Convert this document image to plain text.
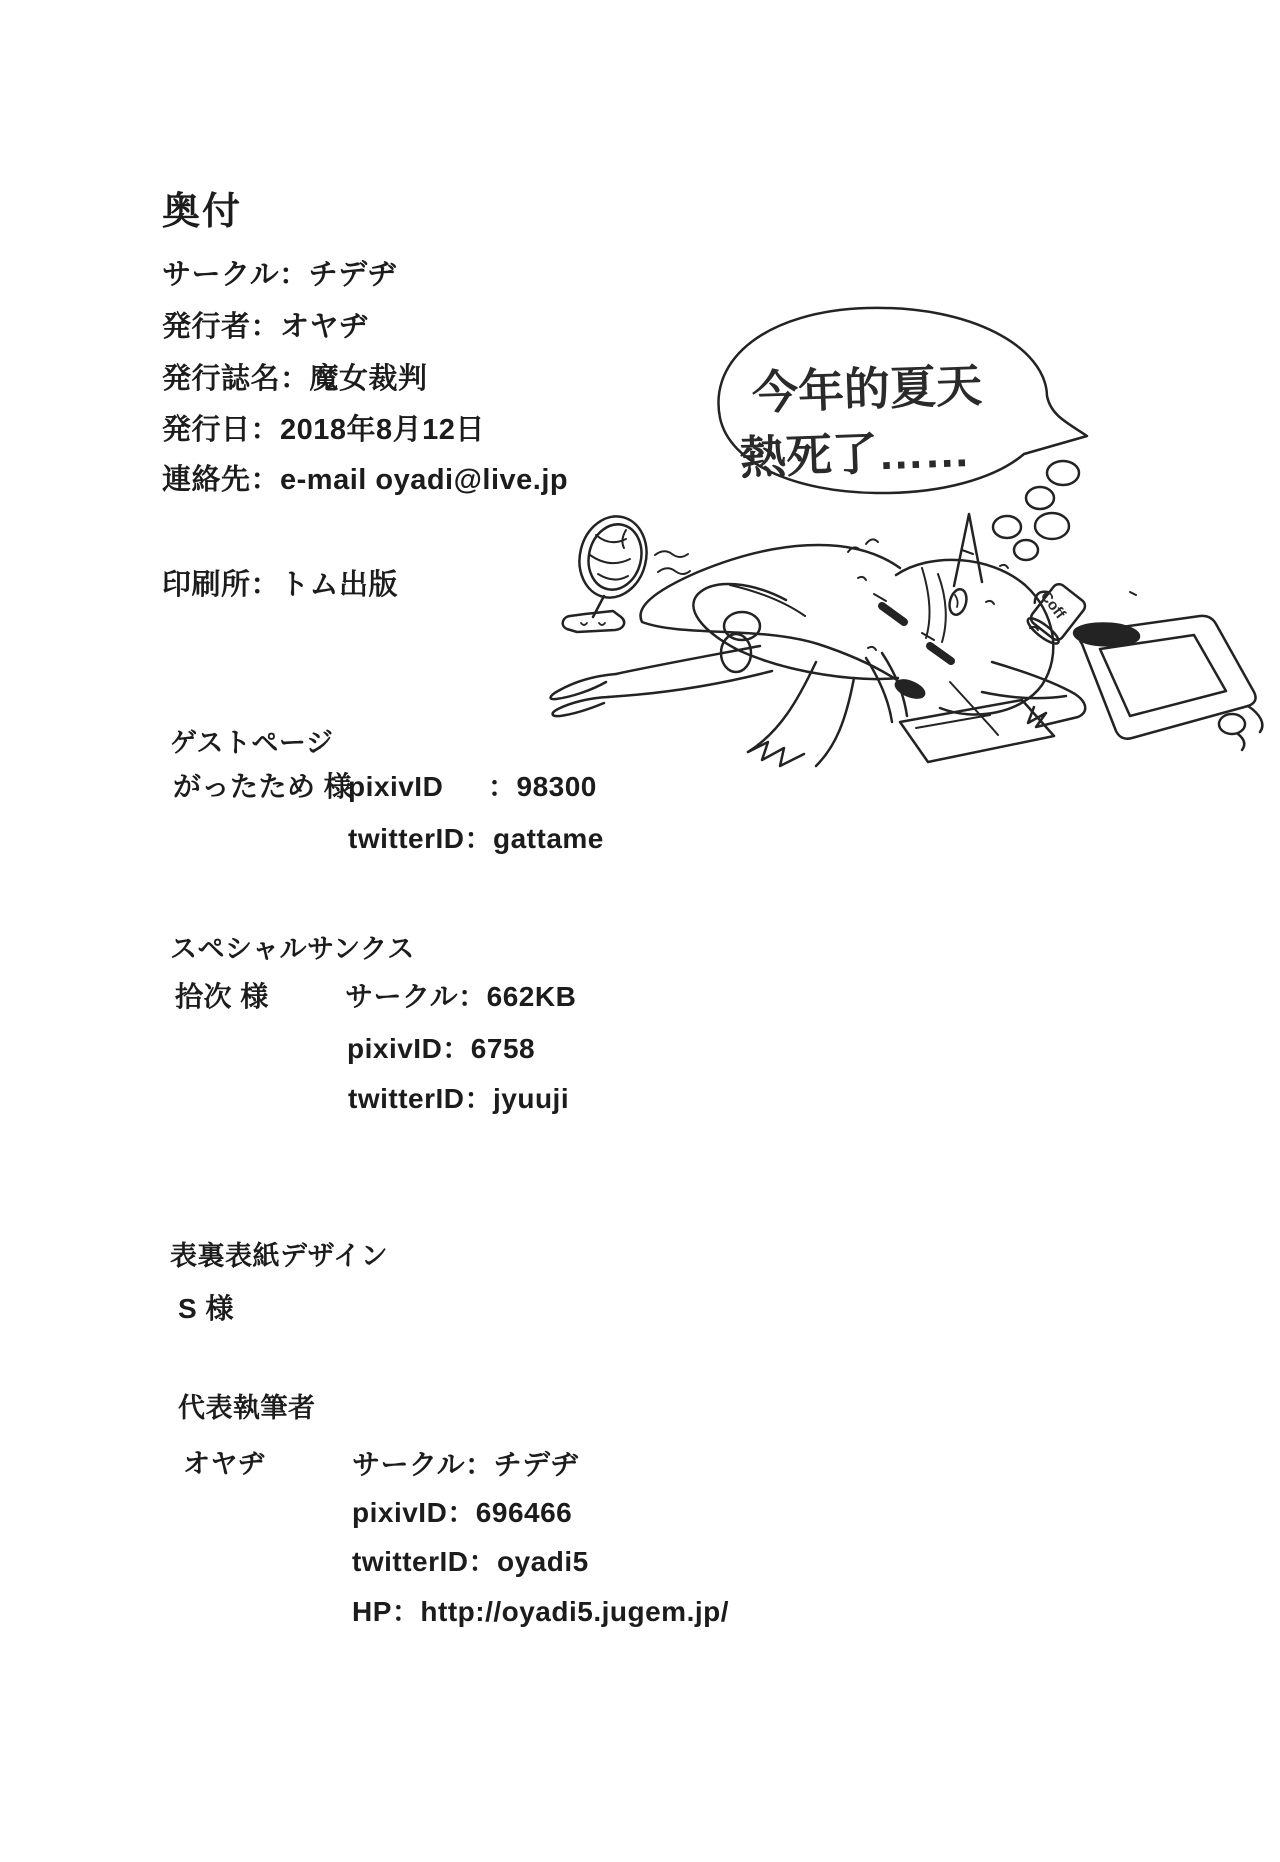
奥付
サークル：チデヂ
発行者：オヤヂ
発行誌名：魔女裁判
発行日：2018年8月12日
連絡先：e-mail oyadi@live.jp
印刷所：トム出版
ゲストページ
がったため 様
pixivID ：98300
twitterID：gattame
スペシャルサンクス
拾次 様	サークル：662KB
pixivID：6758
twitterID：jyuuji
表裏表紙デザイン
S 様
代表執筆者
オヤヂ	サークル：チデヂ
pixivID：696466
twitterID：oyadi5
HP：http://oyadi5.jugem.jp/
今年的夏天
熱死了……
Coff
